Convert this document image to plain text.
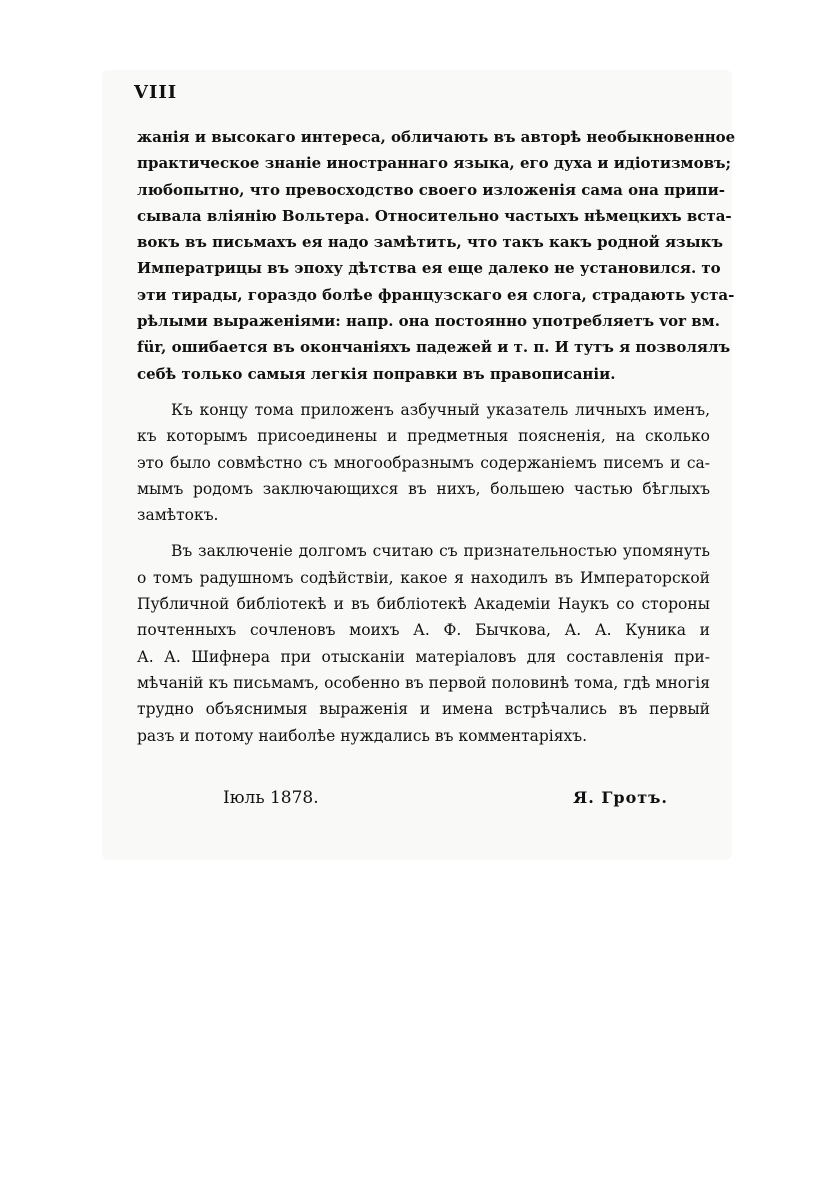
VIII
жанія и высокаго интереса, обличають въ авторѣ необыкновенное
практическое знаніе иностраннаго языка, его духа и идіотизмовъ;
любопытно, что превосходство своего изложенія сама она припи-
сывала вліянію Вольтера. Относительно частыхъ нѣмецкихъ вста-
вокъ въ письмахъ ея надо замѣтить, что такъ какъ родной языкъ
Императрицы въ эпоху дѣтства ея еще далеко не установился. то
эти тирады, гораздо болѣе французскаго ея слога, страдають уста-
рѣлыми выраженіями: напр. она постоянно употребляетъ vor вм.
für, ошибается въ окончаніяхъ падежей и т. п. И тутъ я позволялъ
себѣ только самыя легкія поправки въ правописаніи.
Къ концу тома приложенъ азбучный указатель личныхъ именъ,
къ которымъ присоединены и предметныя поясненія, на сколько
это было совмѣстно съ многообразнымъ содержаніемъ писемъ и са-
мымъ родомъ заключающихся въ нихъ, большею частью бѣглыхъ
замѣтокъ.
Въ заключеніе долгомъ считаю съ признательностью упомянуть
о томъ радушномъ содѣйствіи, какое я находилъ въ Императорской
Публичной библіотекѣ и въ библіотекѣ Академіи Наукъ со стороны
почтенныхъ сочленовъ моихъ А. Ф. Бычкова, А. А. Куника и
А. А. Шифнера при отысканіи матеріаловъ для составленія при-
мѣчаній къ письмамъ, особенно въ первой половинѣ тома, гдѣ многія
трудно объяснимыя выраженія и имена встрѣчались въ первый
разъ и потому наиболѣе нуждались въ комментаріяхъ.
Іюль 1878.	Я. Гротъ.
